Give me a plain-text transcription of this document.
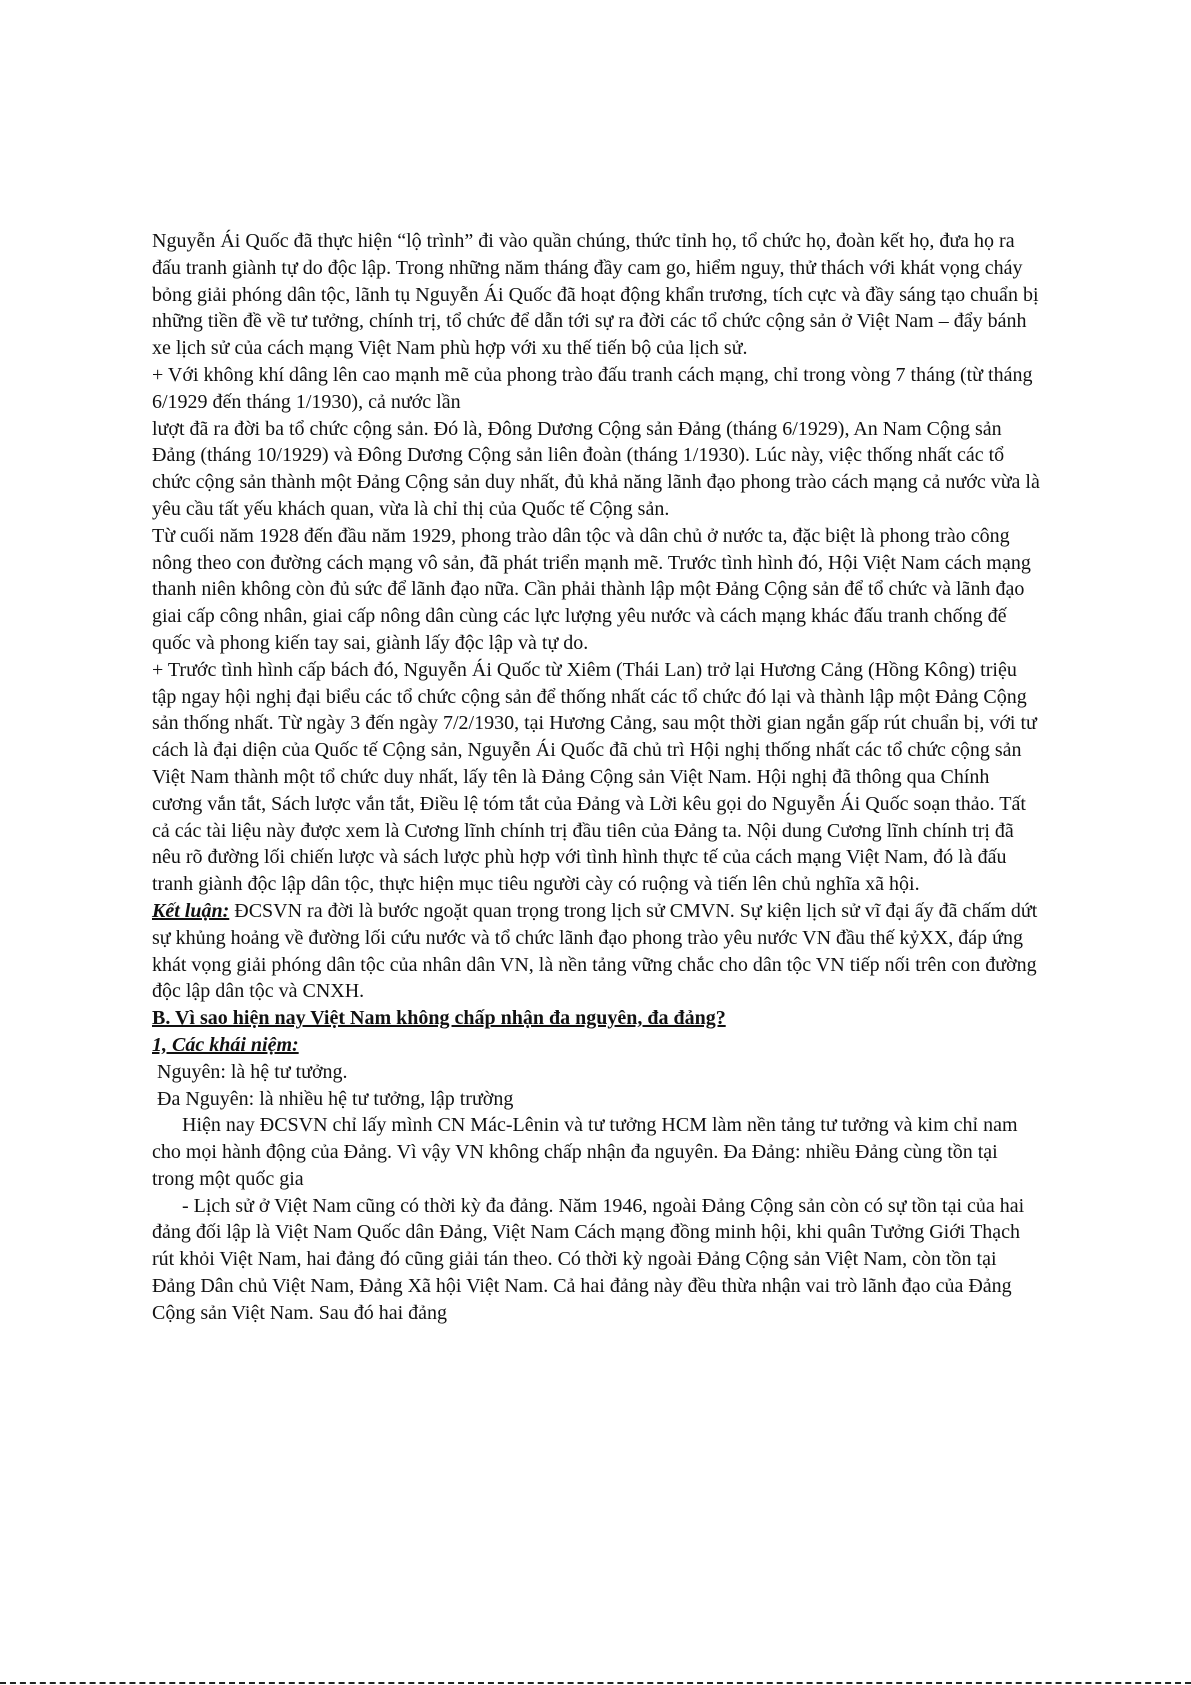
Nguyễn Ái Quốc đã thực hiện “lộ trình” đi vào quần chúng, thức tỉnh họ, tổ chức họ, đoàn kết họ, đưa họ ra đấu tranh giành tự do độc lập. Trong những năm tháng đầy cam go, hiểm nguy, thử thách với khát vọng cháy bỏng giải phóng dân tộc, lãnh tụ Nguyễn Ái Quốc đã hoạt động khẩn trương, tích cực và đầy sáng tạo chuẩn bị những tiền đề về tư tưởng, chính trị, tổ chức để dẫn tới sự ra đời các tổ chức cộng sản ở Việt Nam – đẩy bánh xe lịch sử của cách mạng Việt Nam phù hợp với xu thế tiến bộ của lịch sử.

+ Với không khí dâng lên cao mạnh mẽ của phong trào đấu tranh cách mạng, chỉ trong vòng 7 tháng (từ tháng 6/1929 đến tháng 1/1930), cả nước lần

lượt đã ra đời ba tổ chức cộng sản. Đó là, Đông Dương Cộng sản Đảng (tháng 6/1929), An Nam Cộng sản Đảng (tháng 10/1929) và Đông Dương Cộng sản liên đoàn (tháng 1/1930). Lúc này, việc thống nhất các tổ chức cộng sản thành một Đảng Cộng sản duy nhất, đủ khả năng lãnh đạo phong trào cách mạng cả nước vừa là yêu cầu tất yếu khách quan, vừa là chỉ thị của Quốc tế Cộng sản.

Từ cuối năm 1928 đến đầu năm 1929, phong trào dân tộc và dân chủ ở nước ta, đặc biệt là phong trào công nông theo con đường cách mạng vô sản, đã phát triển mạnh mẽ. Trước tình hình đó, Hội Việt Nam cách mạng thanh niên không còn đủ sức để lãnh đạo nữa. Cần phải thành lập một Đảng Cộng sản để tổ chức và lãnh đạo giai cấp công nhân, giai cấp nông dân cùng các lực lượng yêu nước và cách mạng khác đấu tranh chống đế quốc và phong kiến tay sai, giành lấy độc lập và tự do.

+ Trước tình hình cấp bách đó, Nguyễn Ái Quốc từ Xiêm (Thái Lan) trở lại Hương Cảng (Hồng Kông) triệu tập ngay hội nghị đại biểu các tổ chức cộng sản để thống nhất các tổ chức đó lại và thành lập một Đảng Cộng sản thống nhất. Từ ngày 3 đến ngày 7/2/1930, tại Hương Cảng, sau một thời gian ngắn gấp rút chuẩn bị, với tư cách là đại diện của Quốc tế Cộng sản, Nguyễn Ái Quốc đã chủ trì Hội nghị thống nhất các tổ chức cộng sản Việt Nam thành một tổ chức duy nhất, lấy tên là Đảng Cộng sản Việt Nam. Hội nghị đã thông qua Chính cương vắn tắt, Sách lược vắn tắt, Điều lệ tóm tắt của Đảng và Lời kêu gọi do Nguyễn Ái Quốc soạn thảo. Tất cả các tài liệu này được xem là Cương lĩnh chính trị đầu tiên của Đảng ta. Nội dung Cương lĩnh chính trị đã nêu rõ đường lối chiến lược và sách lược phù hợp với tình hình thực tế của cách mạng Việt Nam, đó là đấu tranh giành độc lập dân tộc, thực hiện mục tiêu người cày có ruộng và tiến lên chủ nghĩa xã hội.

Kết luận: ĐCSVN ra đời là bước ngoặt quan trọng trong lịch sử CMVN. Sự kiện lịch sử vĩ đại ấy đã chấm dứt sự khủng hoảng về đường lối cứu nước và tổ chức lãnh đạo phong trào yêu nước VN đầu thế kỷXX, đáp ứng khát vọng giải phóng dân tộc của nhân dân VN, là nền tảng vững chắc cho dân tộc VN tiếp nối trên con đường độc lập dân tộc và CNXH.

B. Vì sao hiện nay Việt Nam không chấp nhận đa nguyên, đa đảng?

1, Các khái niệm:

Nguyên: là hệ tư tưởng.

Đa Nguyên: là nhiều hệ tư tưởng, lập trường

Hiện nay ĐCSVN chỉ lấy mình CN Mác-Lênin và tư tưởng HCM làm nền tảng tư tưởng và kim chỉ nam cho mọi hành động của Đảng. Vì vậy VN không chấp nhận đa nguyên. Đa Đảng: nhiều Đảng cùng tồn tại trong một quốc gia

- Lịch sử ở Việt Nam cũng có thời kỳ đa đảng. Năm 1946, ngoài Đảng Cộng sản còn có sự tồn tại của hai đảng đối lập là Việt Nam Quốc dân Đảng, Việt Nam Cách mạng đồng minh hội, khi quân Tưởng Giới Thạch rút khỏi Việt Nam, hai đảng đó cũng giải tán theo. Có thời kỳ ngoài Đảng Cộng sản Việt Nam, còn tồn tại Đảng Dân chủ Việt Nam, Đảng Xã hội Việt Nam. Cả hai đảng này đều thừa nhận vai trò lãnh đạo của Đảng Cộng sản Việt Nam. Sau đó hai đảng
